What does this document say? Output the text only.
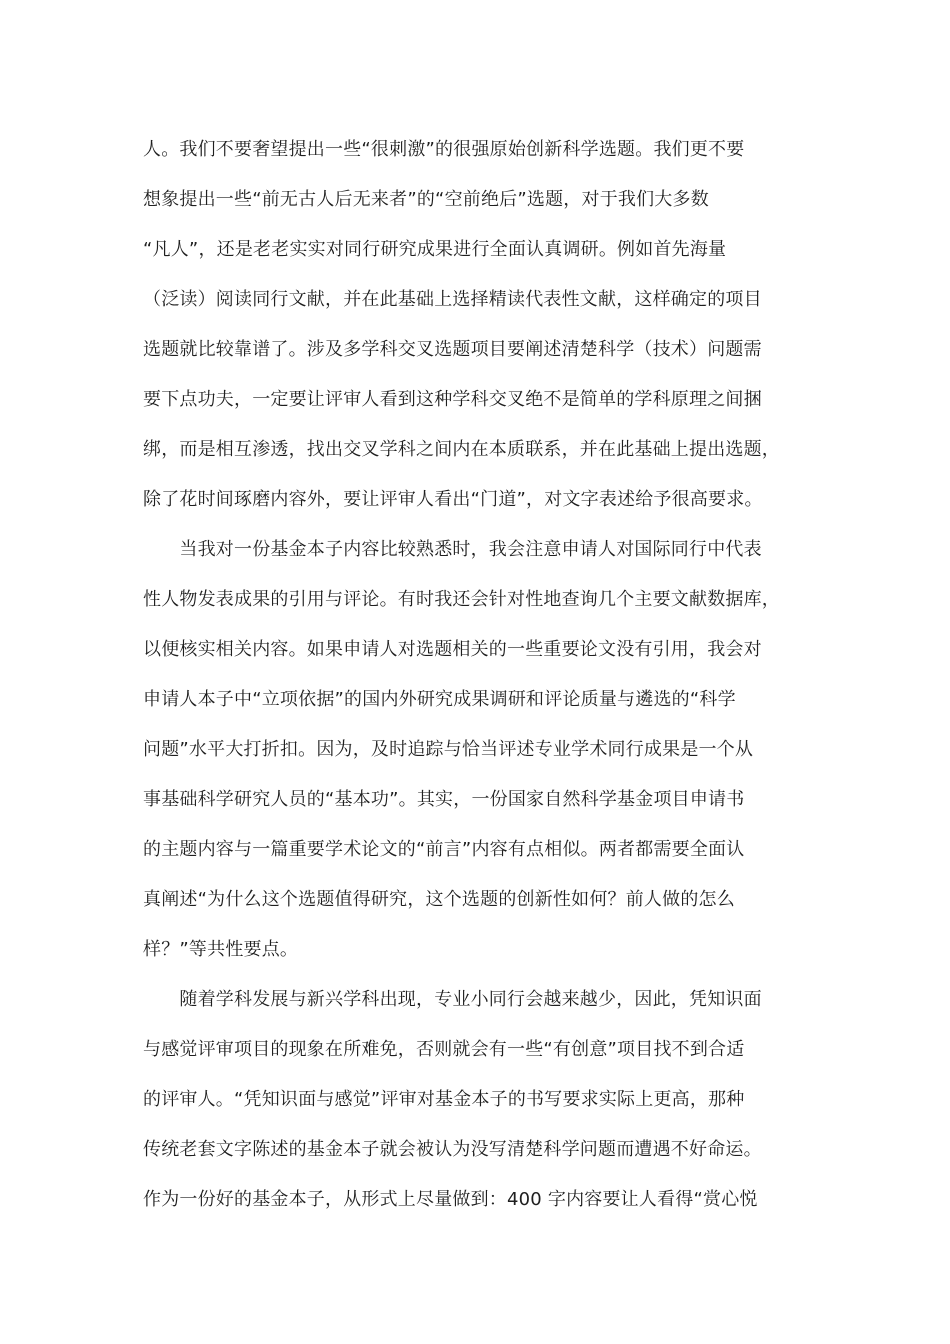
人。我们不要奢望提出一些“很刺激”的很强原始创新科学选题。我们更不要
想象提出一些“前无古人后无来者”的“空前绝后”选题，对于我们大多数
“凡人”，还是老老实实对同行研究成果进行全面认真调研。例如首先海量
（泛读）阅读同行文献，并在此基础上选择精读代表性文献，这样确定的项目
选题就比较靠谱了。涉及多学科交叉选题项目要阐述清楚科学（技术）问题需
要下点功夫，一定要让评审人看到这种学科交叉绝不是简单的学科原理之间捆
绑，而是相互渗透，找出交叉学科之间内在本质联系，并在此基础上提出选题，
除了花时间琢磨内容外，要让评审人看出“门道”，对文字表述给予很高要求。
　　当我对一份基金本子内容比较熟悉时，我会注意申请人对国际同行中代表
性人物发表成果的引用与评论。有时我还会针对性地查询几个主要文献数据库，
以便核实相关内容。如果申请人对选题相关的一些重要论文没有引用，我会对
申请人本子中“立项依据”的国内外研究成果调研和评论质量与遴选的“科学
问题”水平大打折扣。因为，及时追踪与恰当评述专业学术同行成果是一个从
事基础科学研究人员的“基本功”。其实，一份国家自然科学基金项目申请书
的主题内容与一篇重要学术论文的“前言”内容有点相似。两者都需要全面认
真阐述“为什么这个选题值得研究，这个选题的创新性如何？前人做的怎么
样？”等共性要点。
　　随着学科发展与新兴学科出现，专业小同行会越来越少，因此，凭知识面
与感觉评审项目的现象在所难免，否则就会有一些“有创意”项目找不到合适
的评审人。“凭知识面与感觉”评审对基金本子的书写要求实际上更高，那种
传统老套文字陈述的基金本子就会被认为没写清楚科学问题而遭遇不好命运。
作为一份好的基金本子，从形式上尽量做到：400 字内容要让人看得“赏心悦
